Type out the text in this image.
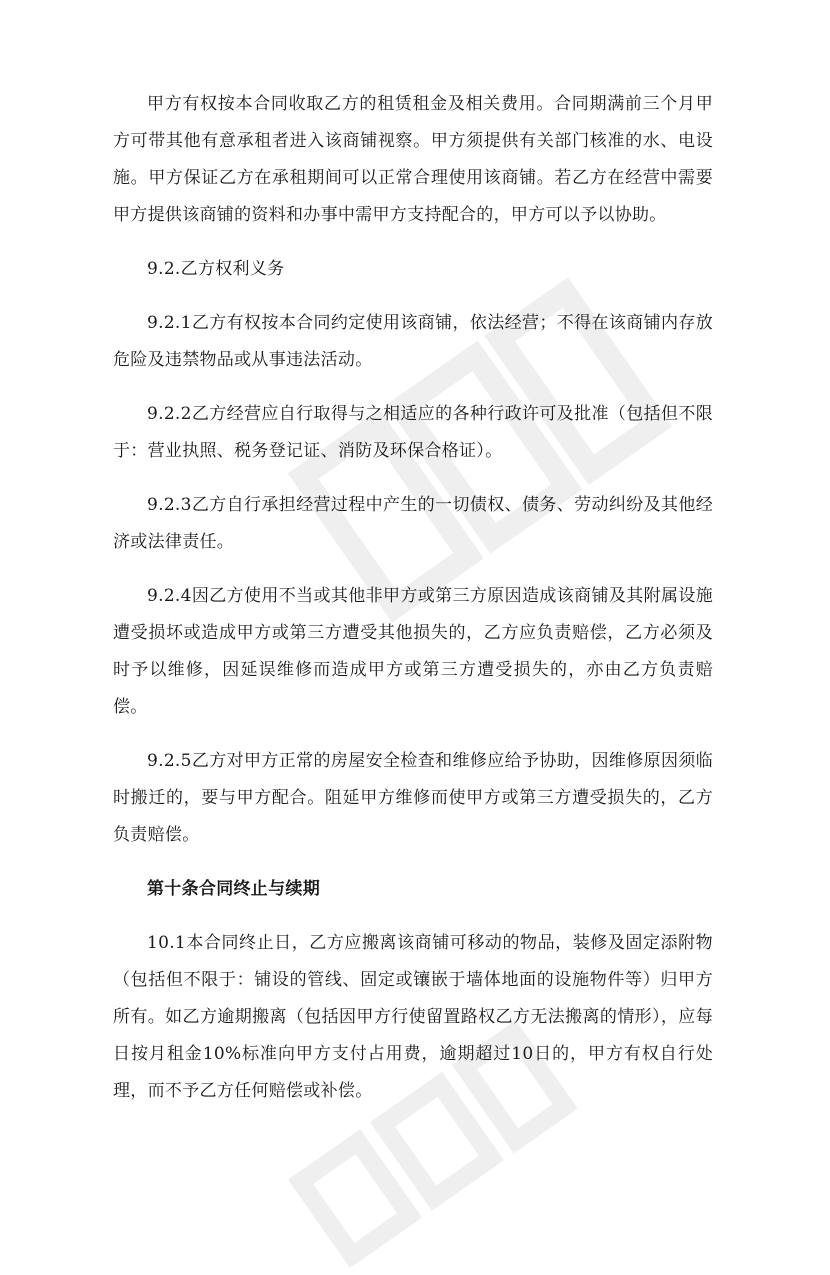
甲方有权按本合同收取乙方的租赁租金及相关费用。合同期满前三个月甲方可带其他有意承租者进入该商铺视察。甲方须提供有关部门核准的水、电设施。甲方保证乙方在承租期间可以正常合理使用该商铺。若乙方在经营中需要甲方提供该商铺的资料和办事中需甲方支持配合的，甲方可以予以协助。

9.2.乙方权利义务

9.2.1乙方有权按本合同约定使用该商铺，依法经营；不得在该商铺内存放危险及违禁物品或从事违法活动。

9.2.2乙方经营应自行取得与之相适应的各种行政许可及批准（包括但不限于：营业执照、税务登记证、消防及环保合格证）。

9.2.3乙方自行承担经营过程中产生的一切债权、债务、劳动纠纷及其他经济或法律责任。

9.2.4因乙方使用不当或其他非甲方或第三方原因造成该商铺及其附属设施遭受损坏或造成甲方或第三方遭受其他损失的，乙方应负责赔偿，乙方必须及时予以维修，因延误维修而造成甲方或第三方遭受损失的，亦由乙方负责赔偿。

9.2.5乙方对甲方正常的房屋安全检查和维修应给予协助，因维修原因须临时搬迁的，要与甲方配合。阻延甲方维修而使甲方或第三方遭受损失的，乙方负责赔偿。

第十条合同终止与续期

10.1本合同终止日，乙方应搬离该商铺可移动的物品，装修及固定添附物（包括但不限于：铺设的管线、固定或镶嵌于墙体地面的设施物件等）归甲方所有。如乙方逾期搬离（包括因甲方行使留置路权乙方无法搬离的情形），应每日按月租金10%标准向甲方支付占用费，逾期超过10日的，甲方有权自行处理，而不予乙方任何赔偿或补偿。
